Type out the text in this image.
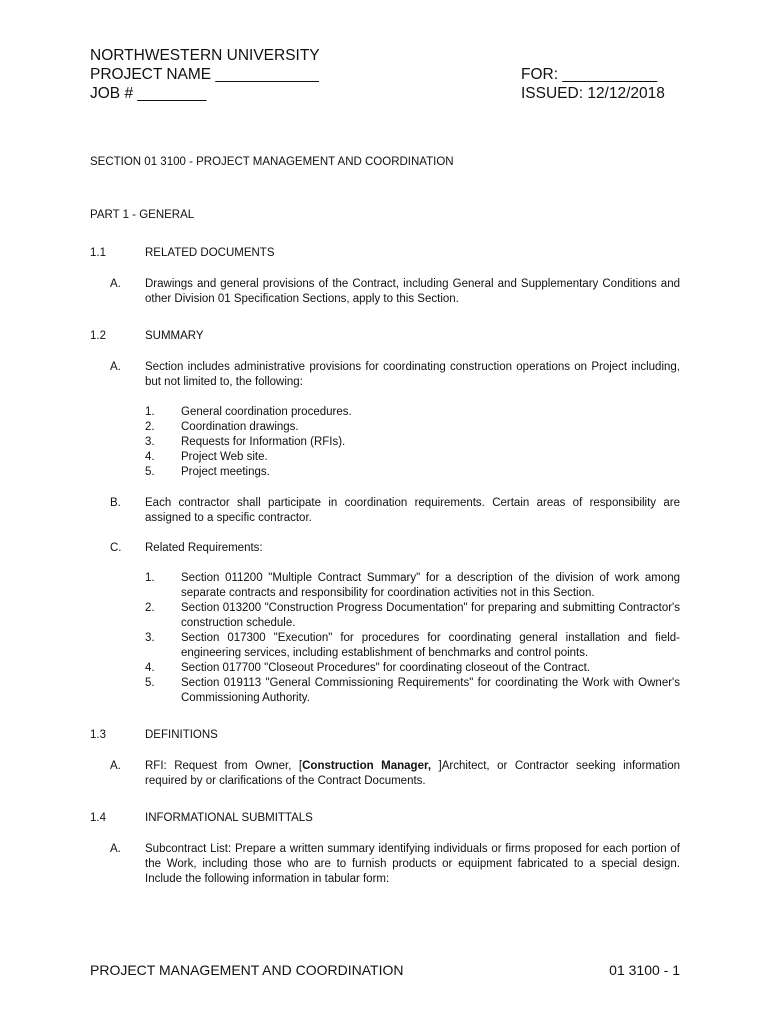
NORTHWESTERN UNIVERSITY
PROJECT NAME ____________
JOB # ________
FOR: ___________
ISSUED: 12/12/2018
SECTION 01 3100 - PROJECT MANAGEMENT AND COORDINATION
PART 1 - GENERAL
1.1	RELATED DOCUMENTS
A. Drawings and general provisions of the Contract, including General and Supplementary Conditions and other Division 01 Specification Sections, apply to this Section.
1.2	SUMMARY
A. Section includes administrative provisions for coordinating construction operations on Project including, but not limited to, the following:
1. General coordination procedures.
2. Coordination drawings.
3. Requests for Information (RFIs).
4. Project Web site.
5. Project meetings.
B. Each contractor shall participate in coordination requirements. Certain areas of responsibility are assigned to a specific contractor.
C. Related Requirements:
1. Section 011200 "Multiple Contract Summary" for a description of the division of work among separate contracts and responsibility for coordination activities not in this Section.
2. Section 013200 "Construction Progress Documentation" for preparing and submitting Contractor's construction schedule.
3. Section 017300 "Execution" for procedures for coordinating general installation and field-engineering services, including establishment of benchmarks and control points.
4. Section 017700 "Closeout Procedures" for coordinating closeout of the Contract.
5. Section 019113 "General Commissioning Requirements" for coordinating the Work with Owner's Commissioning Authority.
1.3	DEFINITIONS
A. RFI: Request from Owner, [Construction Manager, ]Architect, or Contractor seeking information required by or clarifications of the Contract Documents.
1.4	INFORMATIONAL SUBMITTALS
A. Subcontract List: Prepare a written summary identifying individuals or firms proposed for each portion of the Work, including those who are to furnish products or equipment fabricated to a special design. Include the following information in tabular form:
PROJECT MANAGEMENT AND COORDINATION	01 3100 - 1
